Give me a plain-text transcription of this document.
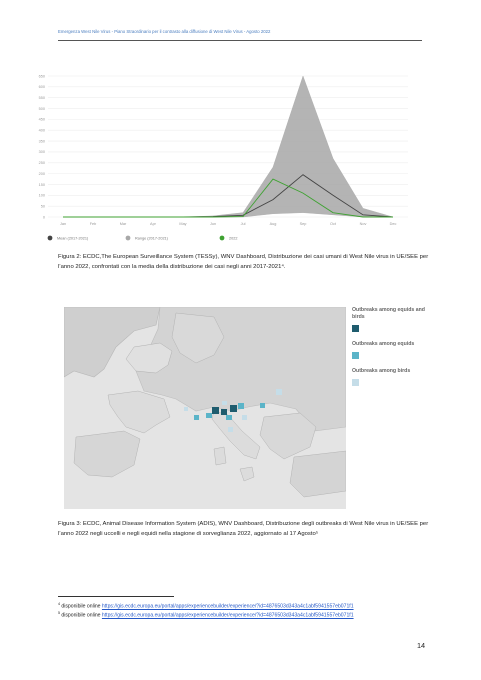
Emergenza West Nile Virus - Piano Straordinario per il contrasto alla diffusione di West Nile Virus - Agosto 2022
0
50
100
150
200
250
300
350
400
450
500
550
600
650
Jan	Feb	Mar	Apr	May	Jun	Jul	Aug	Sep	Oct	Nov	Dec
Mean (2017-2021)	Range (2017-2021)	2022
Figura 2: ECDC,The European Surveillance System (TESSy), WNV Dashboard, Distribuzione dei casi umani di West Nile virus in UE/SEE per l’anno 2022, confrontati con la media della distribuzione dei casi negli anni 2017-2021⁴.
Outbreaks among equids and birds
Outbreaks among equids
Outbreaks among birds
Figura 3: ECDC, Animal Disease Information System (ADIS), WNV Dashboard, Distribuzione degli outbreaks di West Nile virus in UE/SEE per l’anno 2022 negli uccelli e negli equidi nella stagione di sorveglianza 2022, aggiornato al 17 Agosto⁵
$^4$ disponibile online https://gis.ecdc.europa.eu/portal/apps/experiencebuilder/experience/?id=4876503d343a4c1abf5941557eb071f1
$^5$ disponibile online https://gis.ecdc.europa.eu/portal/apps/experiencebuilder/experience/?id=4876503d343a4c1abf5941557eb071f1
14
